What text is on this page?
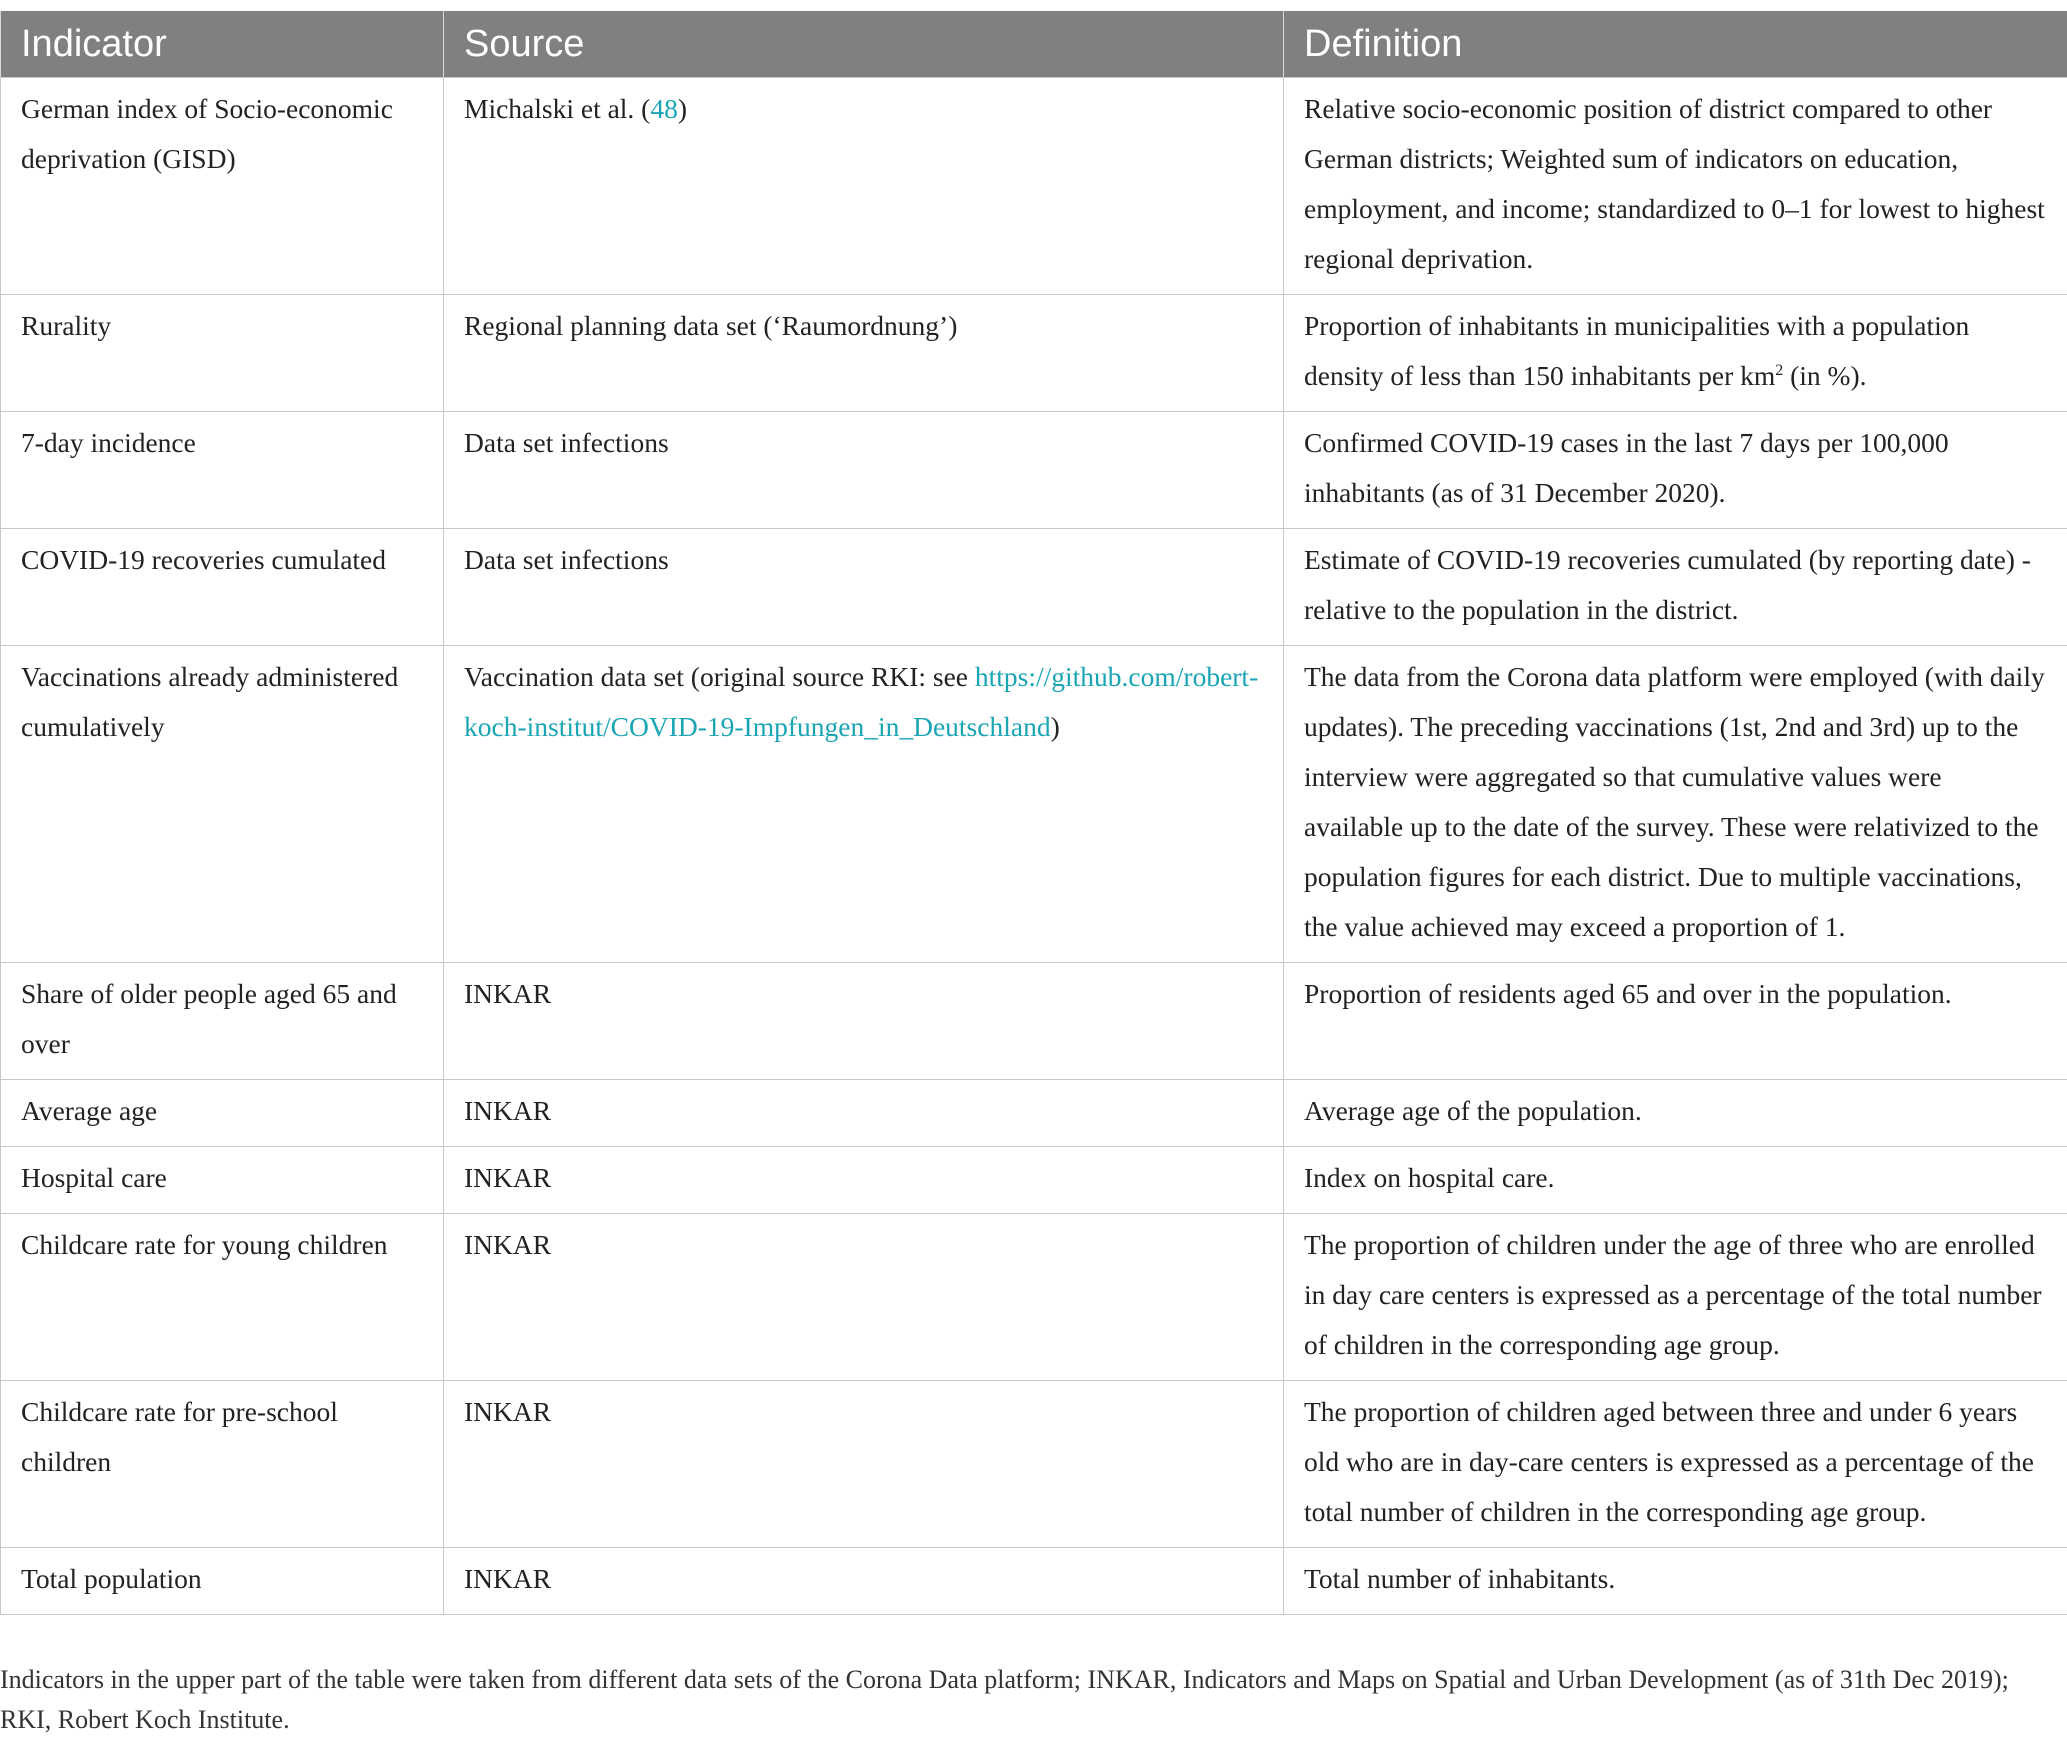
Indicator	Source	Definition
German index of Socio-economic deprivation (GISD)	Michalski et al. (48)	Relative socio-economic position of district compared to other German districts; Weighted sum of indicators on education, employment, and income; standardized to 0–1 for lowest to highest regional deprivation.
Rurality	Regional planning data set (‘Raumordnung’)	Proportion of inhabitants in municipalities with a population density of less than 150 inhabitants per $km^2$ (in %).
7-day incidence	Data set infections	Confirmed COVID-19 cases in the last 7 days per 100,000 inhabitants (as of 31 December 2020).
COVID-19 recoveries cumulated	Data set infections	Estimate of COVID-19 recoveries cumulated (by reporting date) - relative to the population in the district.
Vaccinations already administered cumulatively	Vaccination data set (original source RKI: see https://github.com/robert-koch-institut/COVID-19-Impfungen_in_Deutschland)	The data from the Corona data platform were employed (with daily updates). The preceding vaccinations (1st, 2nd and 3rd) up to the interview were aggregated so that cumulative values were available up to the date of the survey. These were relativized to the population figures for each district. Due to multiple vaccinations, the value achieved may exceed a proportion of 1.
Share of older people aged 65 and over	INKAR	Proportion of residents aged 65 and over in the population.
Average age	INKAR	Average age of the population.
Hospital care	INKAR	Index on hospital care.
Childcare rate for young children	INKAR	The proportion of children under the age of three who are enrolled in day care centers is expressed as a percentage of the total number of children in the corresponding age group.
Childcare rate for pre-school children	INKAR	The proportion of children aged between three and under 6 years old who are in day-care centers is expressed as a percentage of the total number of children in the corresponding age group.
Total population	INKAR	Total number of inhabitants.
Indicators in the upper part of the table were taken from different data sets of the Corona Data platform; INKAR, Indicators and Maps on Spatial and Urban Development (as of 31th Dec 2019); RKI, Robert Koch Institute.
